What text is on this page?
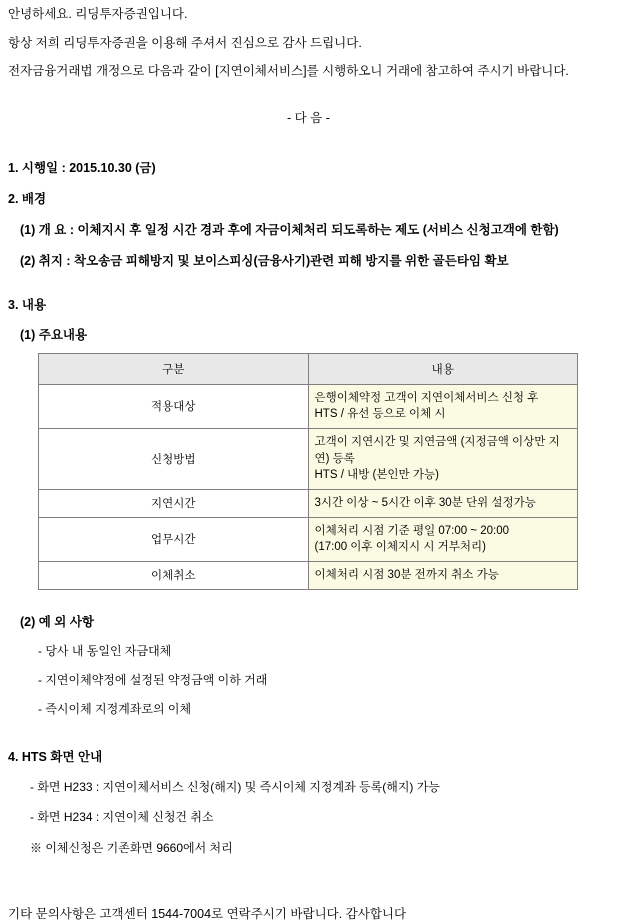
안녕하세요. 리딩투자증권입니다.

항상 저희 리딩투자증권을 이용해 주셔서 진심으로 감사 드립니다.

전자금융거래법 개정으로 다음과 같이 [지연이체서비스]를 시행하오니 거래에 참고하여 주시기 바랍니다.

- 다 음 -

1. 시행일 : 2015.10.30 (금)

2. 배경

(1) 개 요 : 이체지시 후 일정 시간 경과 후에 자금이체처리 되도록하는 제도 (서비스 신청고객에 한함)

(2) 취지 : 착오송금 피해방지 및 보이스피싱(금융사기)관련 피해 방지를 위한 골든타임 확보

3. 내용

(1) 주요내용

구분	내용
적용대상	은행이체약정 고객이 지연이체서비스 신청 후
HTS / 유선 등으로 이체 시

신청방법	고객이 지연시간 및 지연금액 (지정금액 이상만 지연) 등록
HTS / 내방 (본인만 가능)

지연시간	3시간 이상 ~ 5시간 이후 30분 단위 설정가능
업무시간	이체처리 시점 기준 평일 07:00 ~ 20:00
(17:00 이후 이체지시 시 거부처리)

이체취소	이체처리 시점 30분 전까지 취소 가능

(2) 예 외 사항

- 당사 내 동일인 자금대체

- 지연이체약정에 설정된 약정금액 이하 거래

- 즉시이체 지정계좌로의 이체

4. HTS 화면 안내

- 화면 H233 : 지연이체서비스 신청(해지) 및 즉시이체 지정계좌 등록(해지) 가능

- 화면 H234 : 지연이체 신청건 취소

※ 이체신청은 기존화면 9660에서 처리

기타 문의사항은 고객센터 1544-7004로 연락주시기 바랍니다. 감사합니다
